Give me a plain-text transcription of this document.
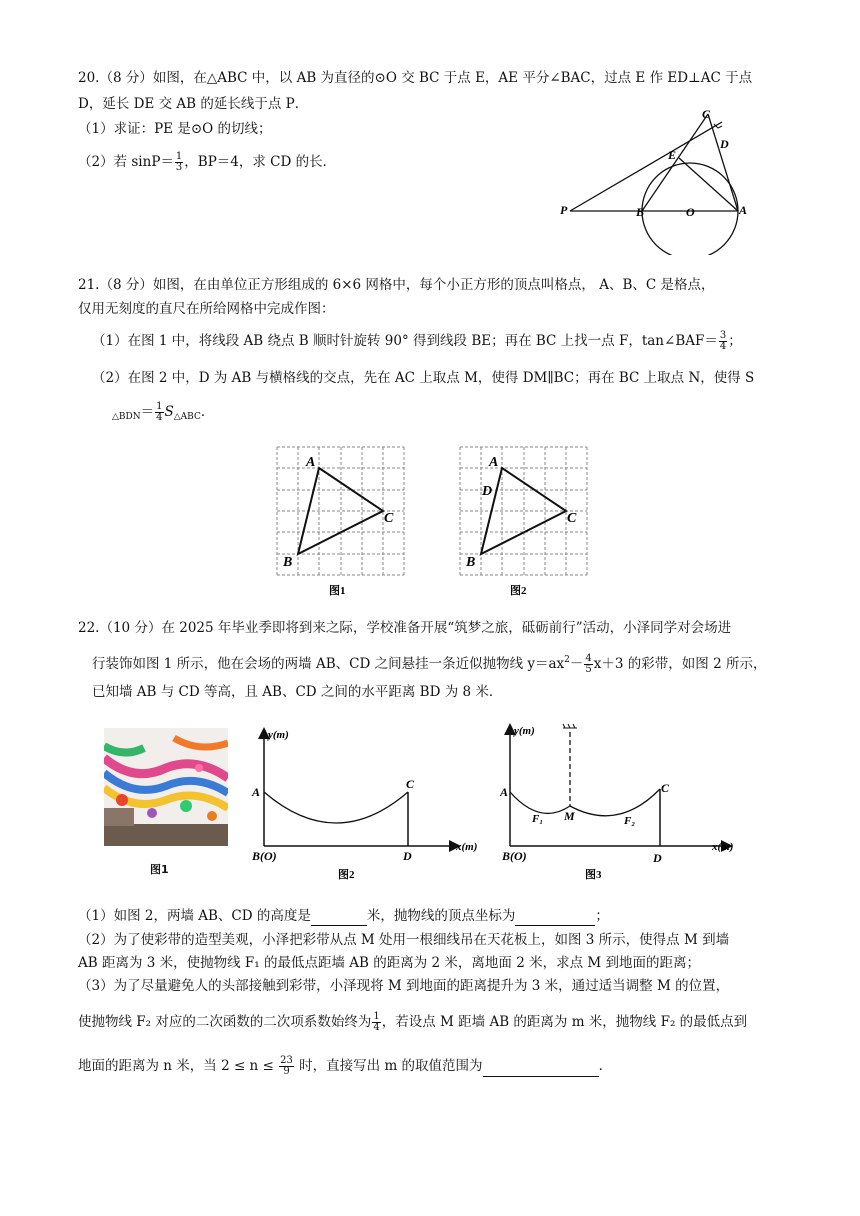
20.（8 分）如图，在△ABC 中，以 AB 为直径的⊙O 交 BC 于点 E，AE 平分∠BAC，过点 E 作 ED⊥AC 于点
D，延长 DE 交 AB 的延长线于点 P．
（1）求证：PE 是⊙O 的切线；
（2）若 $\sin P= \frac{1}{3}$ ，BP＝4，求 CD 的长．
C
D
E
P	B	O	A
21.（8 分）如图，在由单位正方形组成的 6×6 网格中，每个小正方形的顶点叫格点， A、B、C 是格点，
仅用无刻度的直尺在所给网格中完成作图：
（1）在图 1 中，将线段 AB 绕点 B 顺时针旋转 90° 得到线段 BE；再在 BC 上找一点 F，tan∠BAF＝ $\frac{3}{4}$ ；
（2）在图 2 中，D 为 AB 与横格线的交点，先在 AC 上取点 M，使得 DM∥BC；再在 BC 上取点 N，使得 S
$_{\triangle BDN}= \frac{1}{4} S_{\triangle ABC}$．
A
B
C
图1
A
D
B
C
图2
22.（10 分）在 2025 年毕业季即将到来之际，学校准备开展“筑梦之旅，砥砺前行”活动，小泽同学对会场进
行装饰如图 1 所示，他在会场的两墙 AB、CD 之间悬挂一条近似抛物线 $y=ax^2- \frac{4}{5} x+3$ 的彩带，如图 2 所示，
已知墙 AB 与 CD 等高，且 AB、CD 之间的水平距离 BD 为 8 米．
图1
y(m)
A
C
B(O)	D
x(m)
图2
y(m)
A	C
F₁ M	F₂
B(O)	D
x(m)
图3
（1）如图 2，两墙 AB、CD 的高度是	米，抛物线的顶点坐标为	；
（2）为了使彩带的造型美观，小泽把彩带从点 M 处用一根细线吊在天花板上，如图 3 所示，使得点 M 到墙
AB 距离为 3 米，使抛物线 F₁ 的最低点距墙 AB 的距离为 2 米，离地面 2 米，求点 M 到地面的距离；
（3）为了尽量避免人的头部接触到彩带，小泽现将 M 到地面的距离提升为 3 米，通过适当调整 M 的位置，
使抛物线 F₂ 对应的二次函数的二次项系数始终为 $\frac{1}{4}$ ，若设点 M 距墙 AB 的距离为 m 米，抛物线 F₂ 的最低点到
地面的距离为 n 米，当 $2 \le n \le \frac{23}{9}$ 时，直接写出 m 的取值范围为	．
